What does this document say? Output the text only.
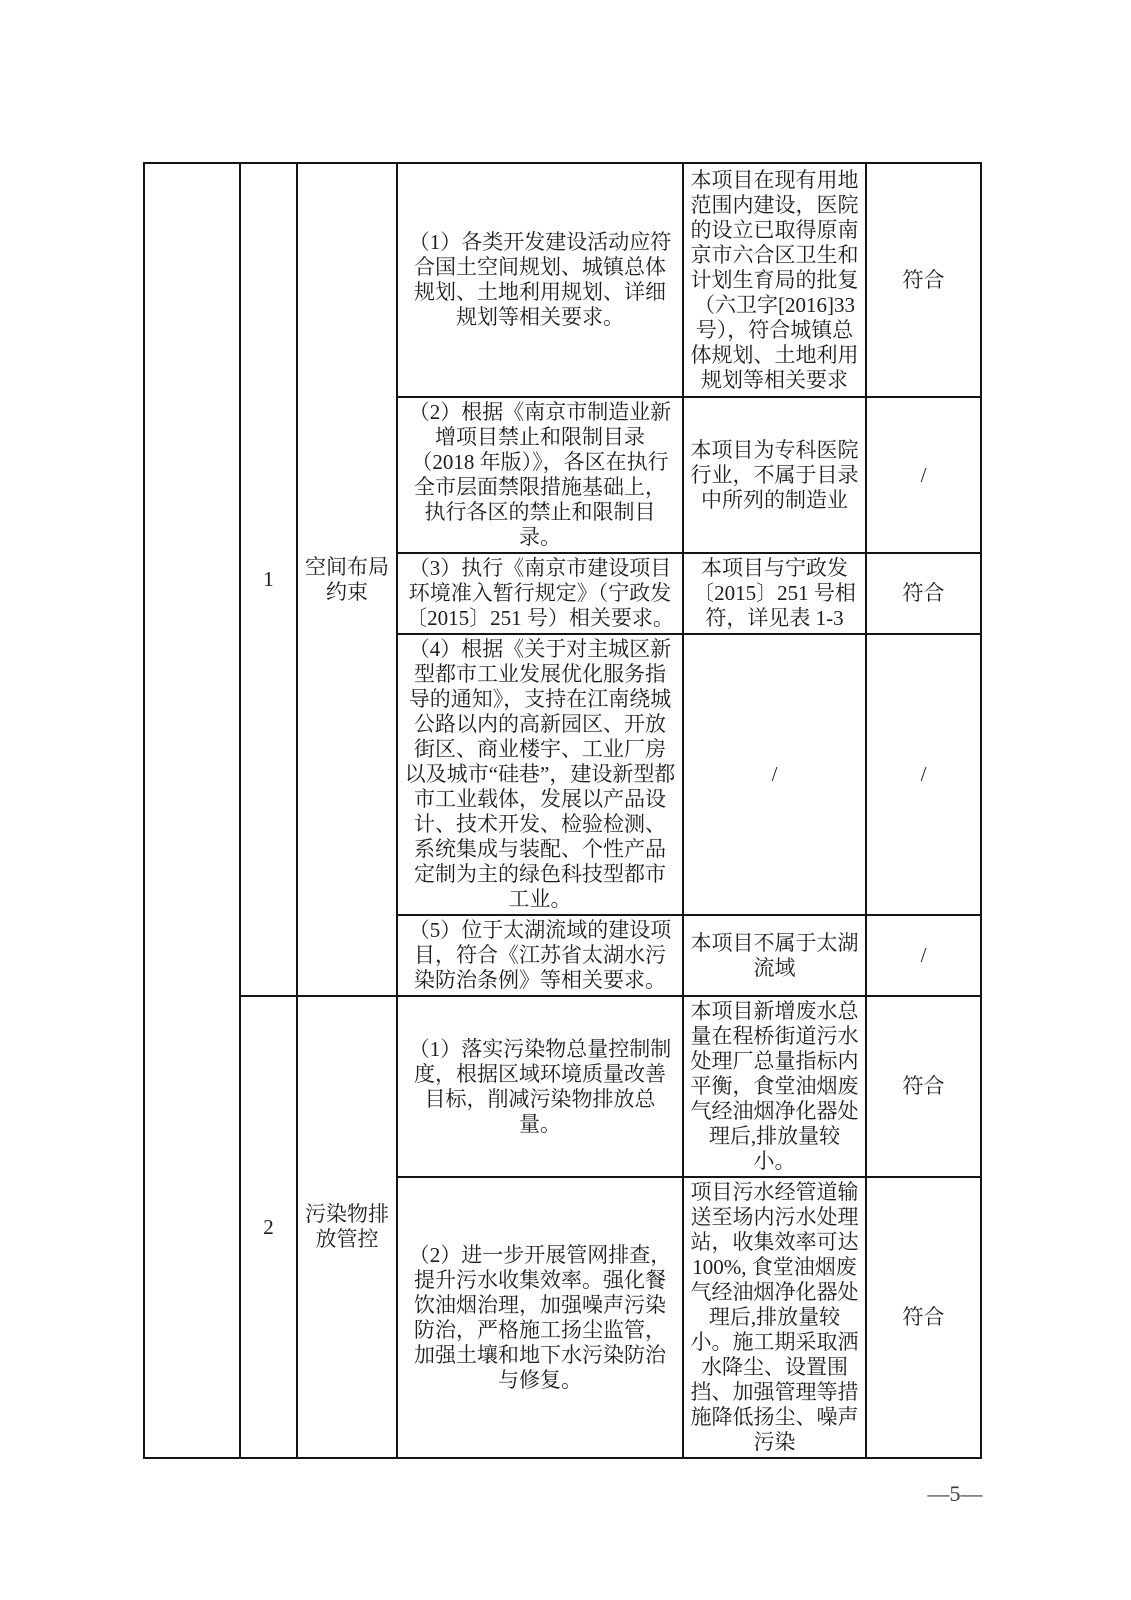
	1	空间布局约束	（1）各类开发建设活动应符合国土空间规划、城镇总体规划、土地利用规划、详细规划等相关要求。	本项目在现有用地范围内建设，医院的设立已取得原南京市六合区卫生和计划生育局的批复（六卫字[2016]33 号），符合城镇总体规划、土地利用规划等相关要求	符合
			（2）根据《南京市制造业新增项目禁止和限制目录（2018 年版）》，各区在执行全市层面禁限措施基础上，执行各区的禁止和限制目录。	本项目为专科医院行业，不属于目录中所列的制造业	/
			（3）执行《南京市建设项目环境准入暂行规定》（宁政发〔2015〕251 号）相关要求。	本项目与宁政发〔2015〕251 号相符，详见表 1-3	符合
			（4）根据《关于对主城区新型都市工业发展优化服务指导的通知》，支持在江南绕城公路以内的高新园区、开放街区、商业楼宇、工业厂房以及城市“硅巷”，建设新型都市工业载体，发展以产品设计、技术开发、检验检测、系统集成与装配、个性产品定制为主的绿色科技型都市工业。	/	/
			（5）位于太湖流域的建设项目，符合《江苏省太湖水污染防治条例》等相关要求。	本项目不属于太湖流域	/
	2	污染物排放管控	（1）落实污染物总量控制制度，根据区域环境质量改善目标，削减污染物排放总量。	本项目新增废水总量在程桥街道污水处理厂总量指标内平衡，食堂油烟废气经油烟净化器处理后,排放量较小。	符合
			（2）进一步开展管网排查，提升污水收集效率。强化餐饮油烟治理，加强噪声污染防治，严格施工扬尘监管，加强土壤和地下水污染防治与修复。	项目污水经管道输送至场内污水处理站，收集效率可达 100%, 食堂油烟废气经油烟净化器处理后,排放量较小。施工期采取洒水降尘、设置围挡、加强管理等措施降低扬尘、噪声污染	符合
—5—
